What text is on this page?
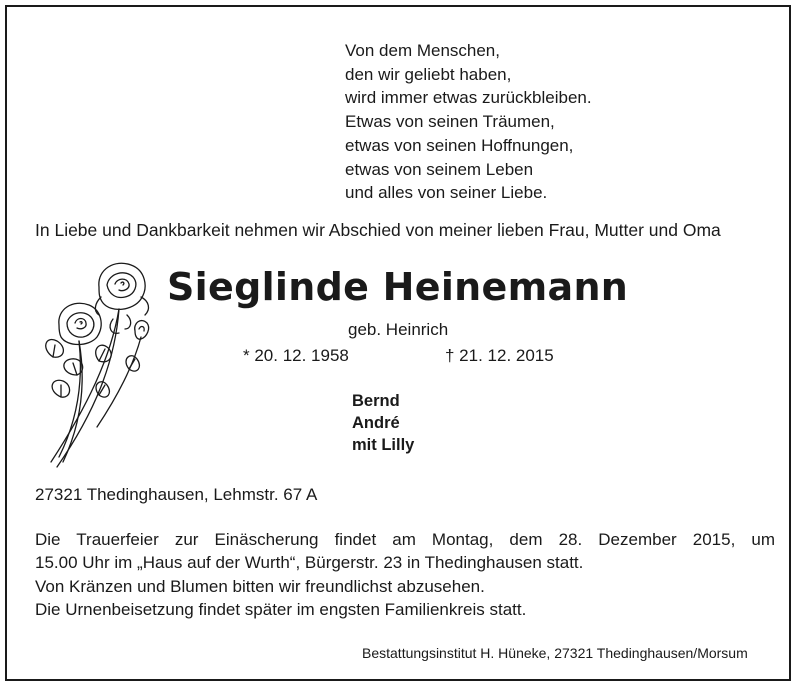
Von dem Menschen,
den wir geliebt haben,
wird immer etwas zurückbleiben.
Etwas von seinen Träumen,
etwas von seinen Hoffnungen,
etwas von seinem Leben
und alles von seiner Liebe.
In Liebe und Dankbarkeit nehmen wir Abschied von meiner lieben Frau, Mutter und Oma
Sieglinde Heinemann
geb. Heinrich
* 20. 12. 1958	† 21. 12. 2015
Bernd
André
mit Lilly
27321 Thedinghausen, Lehmstr. 67 A

Die Trauerfeier zur Einäscherung findet am Montag, dem 28. Dezember 2015, um

15.00 Uhr im „Haus auf der Wurth“, Bürgerstr. 23 in Thedinghausen statt.

Von Kränzen und Blumen bitten wir freundlichst abzusehen.

Die Urnenbeisetzung findet später im engsten Familienkreis statt.

Bestattungsinstitut H. Hüneke, 27321 Thedinghausen/Morsum
